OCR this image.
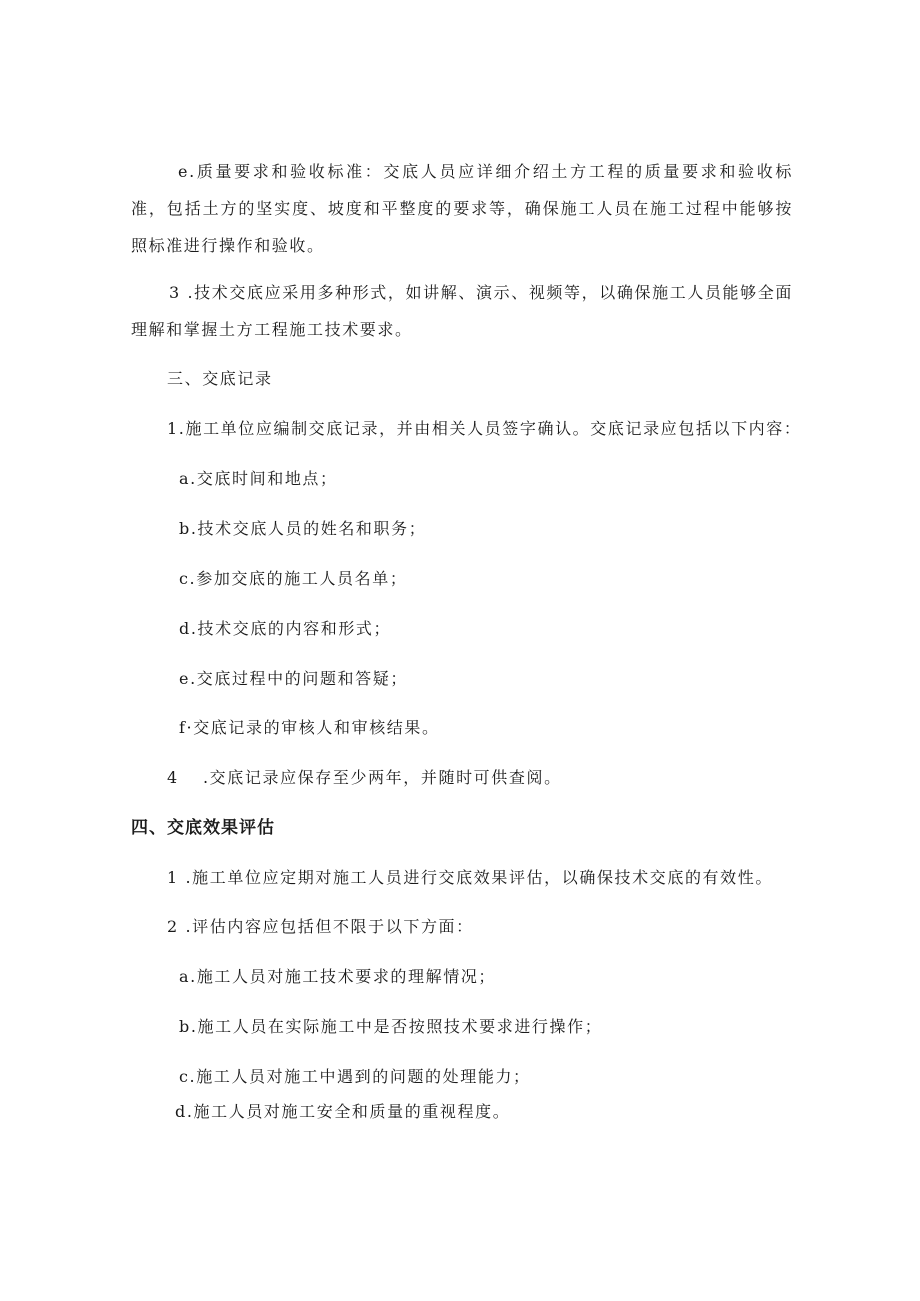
e.质量要求和验收标准：交底人员应详细介绍土方工程的质量要求和验收标准，包括土方的坚实度、坡度和平整度的要求等，确保施工人员在施工过程中能够按照标准进行操作和验收。
3 .技术交底应采用多种形式，如讲解、演示、视频等，以确保施工人员能够全面理解和掌握土方工程施工技术要求。
三、交底记录
1.施工单位应编制交底记录，并由相关人员签字确认。交底记录应包括以下内容：
a.交底时间和地点；
b.技术交底人员的姓名和职务；
c.参加交底的施工人员名单；
d.技术交底的内容和形式；
e.交底过程中的问题和答疑；
f·交底记录的审核人和审核结果。
4 .交底记录应保存至少两年，并随时可供查阅。
四、交底效果评估
1 .施工单位应定期对施工人员进行交底效果评估，以确保技术交底的有效性。
2 .评估内容应包括但不限于以下方面：
a.施工人员对施工技术要求的理解情况；
b.施工人员在实际施工中是否按照技术要求进行操作；
c.施工人员对施工中遇到的问题的处理能力；
d.施工人员对施工安全和质量的重视程度。
